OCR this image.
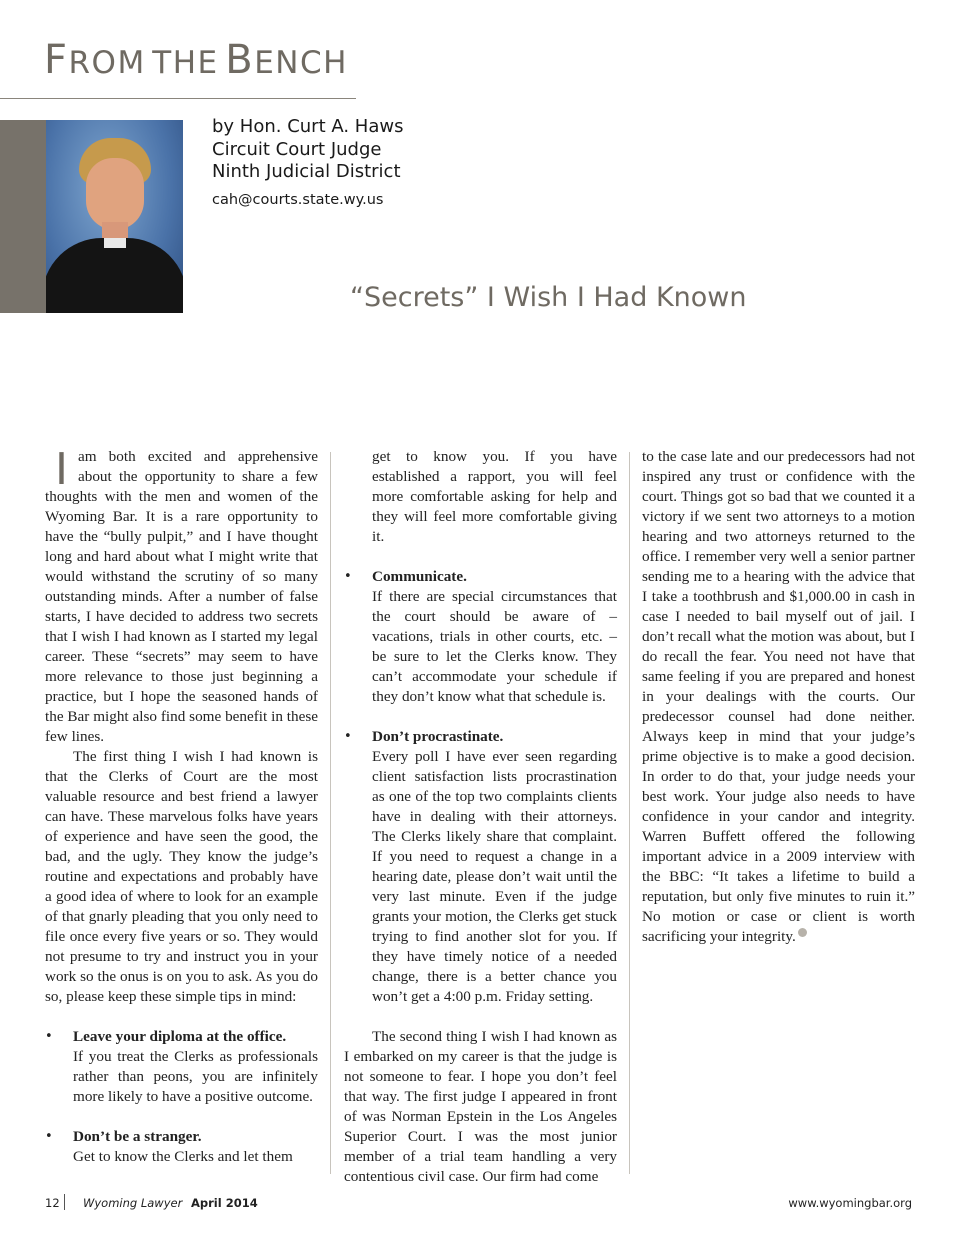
FROM THE BENCH
by Hon. Curt A. Haws
Circuit Court Judge
Ninth Judicial District
cah@courts.state.wy.us
“Secrets” I Wish I Had Known

Iam both excited and apprehensive about the opportunity to share a few thoughts with the men and women of the Wyoming Bar. It is a rare opportunity to have the “bully pulpit,” and I have thought long and hard about what I might write that would withstand the scrutiny of so many outstanding minds. After a number of false starts, I have decided to address two secrets that I wish I had known as I started my legal career. These “secrets” may seem to have more relevance to those just beginning a practice, but I hope the seasoned hands of the Bar might also find some benefit in these few lines.

The first thing I wish I had known is that the Clerks of Court are the most valuable resource and best friend a lawyer can have. These marvelous folks have years of experience and have seen the good, the bad, and the ugly. They know the judge’s routine and expectations and probably have a good idea of where to look for an example of that gnarly pleading that you only need to file once every five years or so. They would not presume to try and instruct you in your work so the onus is on you to ask. As you do so, please keep these simple tips in mind:

• Leave your diploma at the office.
If you treat the Clerks as professionals rather than peons, you are infinitely more likely to have a positive outcome.
• Don’t be a stranger.
Get to know the Clerks and let them
get to know you. If you have established a rapport, you will feel more comfortable asking for help and they will feel more comfortable giving it.
• Communicate.
If there are special circumstances that the court should be aware of – vacations, trials in other courts, etc. – be sure to let the Clerks know. They can’t accommodate your schedule if they don’t know what that schedule is.
• Don’t procrastinate.
Every poll I have ever seen regarding client satisfaction lists procrastination as one of the top two complaints clients have in dealing with their attorneys. The Clerks likely share that complaint. If you need to request a change in a hearing date, please don’t wait until the very last minute. Even if the judge grants your motion, the Clerks get stuck trying to find another slot for you. If they have timely notice of a needed change, there is a better chance you won’t get a 4:00 p.m. Friday setting.

The second thing I wish I had known as I embarked on my career is that the judge is not someone to fear. I hope you don’t feel that way. The first judge I appeared in front of was Norman Epstein in the Los Angeles Superior Court. I was the most junior member of a trial team handling a very contentious civil case. Our firm had come

to the case late and our predecessors had not inspired any trust or confidence with the court. Things got so bad that we counted it a victory if we sent two attorneys to a motion hearing and two attorneys returned to the office. I remember very well a senior partner sending me to a hearing with the advice that I take a toothbrush and $1,000.00 in cash in case I needed to bail myself out of jail. I don’t recall what the motion was about, but I do recall the fear. You need not have that same feeling if you are prepared and honest in your dealings with the courts. Our predecessor counsel had done neither. Always keep in mind that your judge’s prime objective is to make a good decision. In order to do that, your judge needs your best work. Your judge also needs to have confidence in your candor and integrity. Warren Buffett offered the following important advice in a 2009 interview with the BBC: “It takes a lifetime to build a reputation, but only five minutes to ruin it.” No motion or case or client is worth sacrificing your integrity.

12 Wyoming Lawyer April 2014	www.wyomingbar.org
